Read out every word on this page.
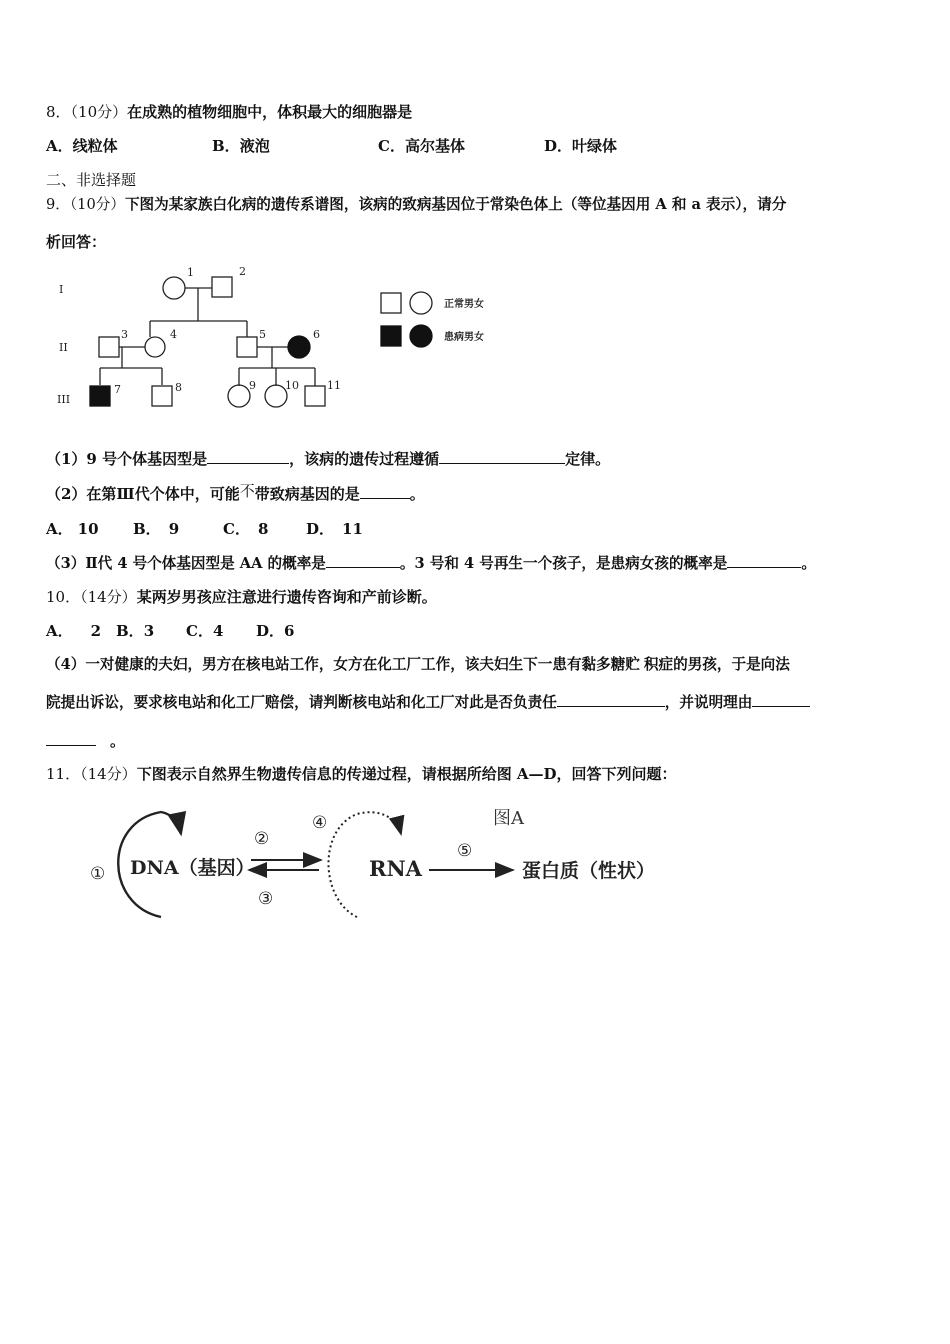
8．（10分）在成熟的植物细胞中，体积最大的细胞器是
A．线粒体	B．液泡	C．高尔基体	D．叶绿体
二、非选择题
9．（10分）下图为某家族白化病的遗传系谱图，该病的致病基因位于常染色体上（等位基因用 A 和 a 表示），请分
析回答：
I
II
III
1	2
3	4	5	6
7	8	9	10	11
正常男女
患病男女
（1）9 号个体基因型是	，该病的遗传过程遵循	定律。
（2）在第Ⅲ代个体中，可能不带致病基因的是	。
A． 10 B． 9	C． 8	D． 11
（3）Ⅱ代 4 号个体基因型是 AA 的概率是	。3 号和 4 号再生一个孩子，是患病女孩的概率是	。
10．（14分）某两岁男孩应注意进行遗传咨询和产前诊断。
A． 2 B．3 C．4 D．6
（4）一对健康的夫妇，男方在核电站工作，女方在化工厂工作，该夫妇生下一患有黏多糖贮 积症的男孩，于是向法
院提出诉讼，要求核电站和化工厂赔偿，请判断核电站和化工厂对此是否负责任	，并说明理由
。
11．（14分）下图表示自然界生物遗传信息的传递过程，请根据所给图 A—D，回答下列问题：
图A
①
②
③
④
⑤
DNA（基因）	RNA	蛋白质（性状）
